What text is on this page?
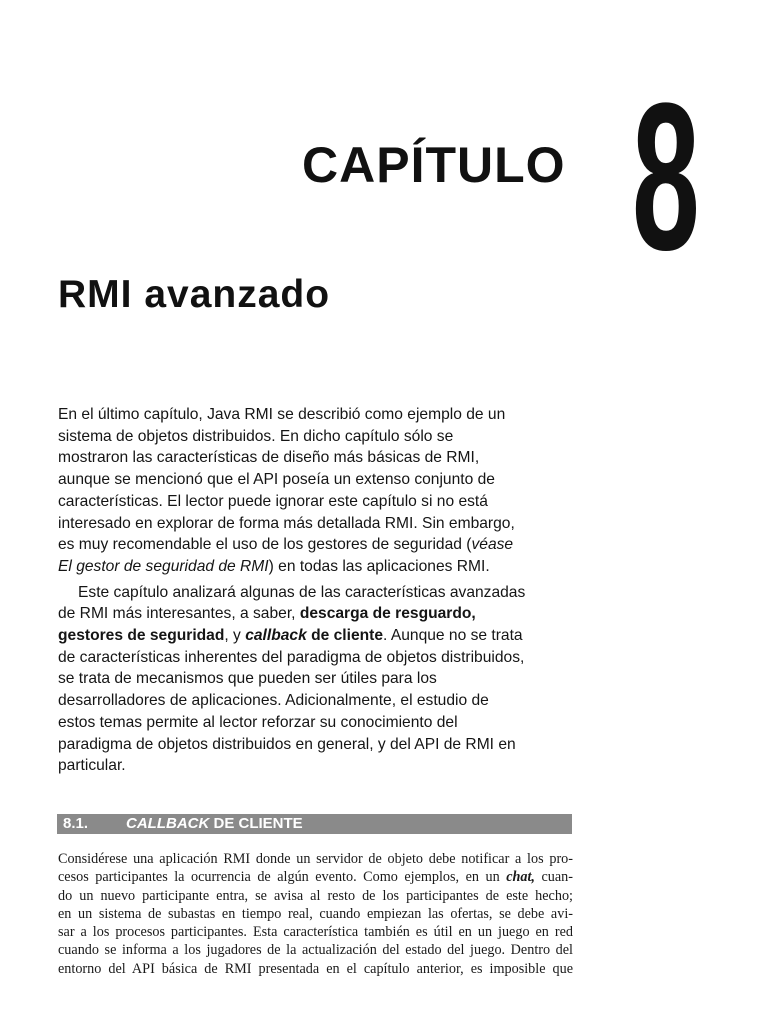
CAPÍTULO 8
RMI avanzado

En el último capítulo, Java RMI se describió como ejemplo de un
sistema de objetos distribuidos. En dicho capítulo sólo se
mostraron las características de diseño más básicas de RMI,
aunque se mencionó que el API poseía un extenso conjunto de
características. El lector puede ignorar este capítulo si no está
interesado en explorar de forma más detallada RMI. Sin embargo,
es muy recomendable el uso de los gestores de seguridad (véase
El gestor de seguridad de RMI) en todas las aplicaciones RMI.

Este capítulo analizará algunas de las características avanzadas
de RMI más interesantes, a saber, descarga de resguardo,
gestores de seguridad, y callback de cliente. Aunque no se trata
de características inherentes del paradigma de objetos distribuidos,
se trata de mecanismos que pueden ser útiles para los
desarrolladores de aplicaciones. Adicionalmente, el estudio de
estos temas permite al lector reforzar su conocimiento del
paradigma de objetos distribuidos en general, y del API de RMI en
particular.

8.1.	CALLBACK DE CLIENTE
Considérese una aplicación RMI donde un servidor de objeto debe notificar a los pro-
cesos participantes la ocurrencia de algún evento. Como ejemplos, en un chat, cuan-
do un nuevo participante entra, se avisa al resto de los participantes de este hecho;
en un sistema de subastas en tiempo real, cuando empiezan las ofertas, se debe avi-
sar a los procesos participantes. Esta característica también es útil en un juego en red
cuando se informa a los jugadores de la actualización del estado del juego. Dentro del
entorno del API básica de RMI presentada en el capítulo anterior, es imposible que
